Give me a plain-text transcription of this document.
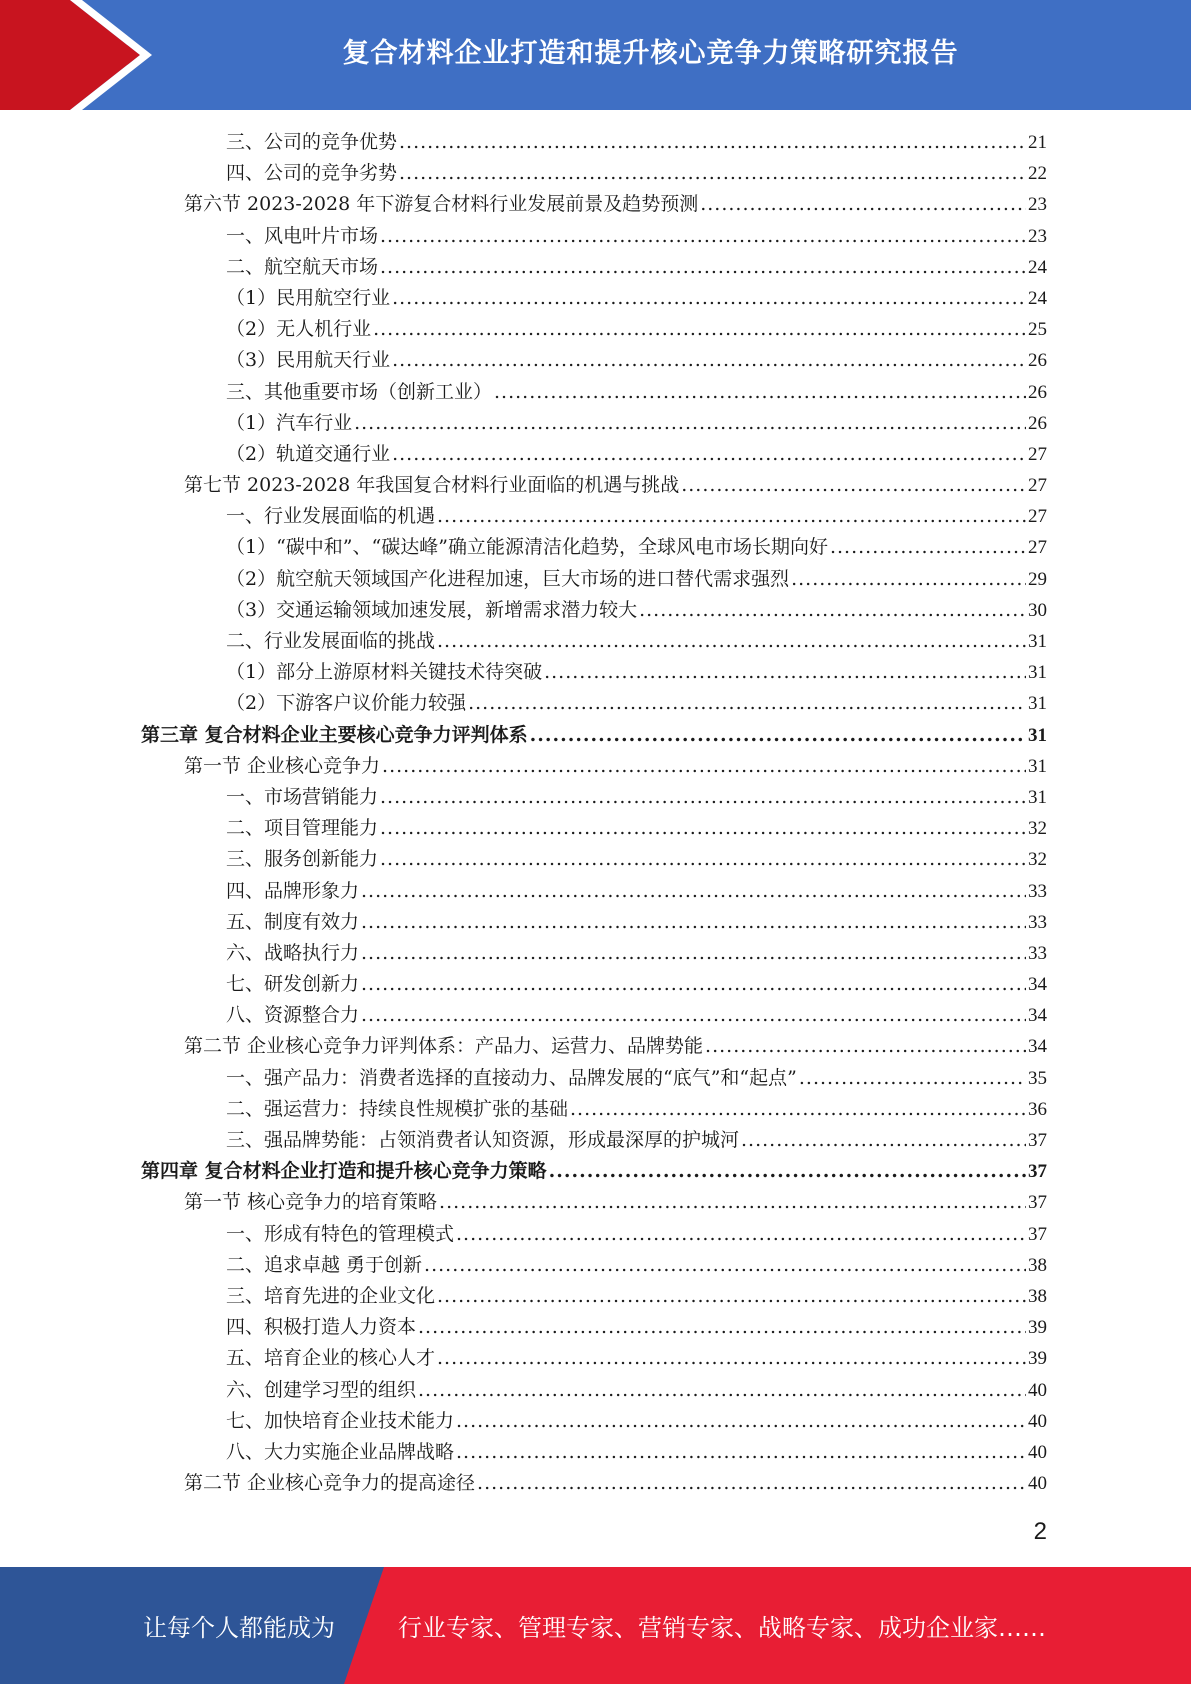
复合材料企业打造和提升核心竞争力策略研究报告
三、公司的竞争优势 .....	21
四、公司的竞争劣势 .....	22
第六节 2023-2028 年下游复合材料行业发展前景及趋势预测 .....	23
一、风电叶片市场 .....	23
二、航空航天市场 .....	24
（1）民用航空行业 .....	24
（2）无人机行业 .....	25
（3）民用航天行业 .....	26
三、其他重要市场（创新工业） .....	26
（1）汽车行业 .....	26
（2）轨道交通行业 .....	27
第七节 2023-2028 年我国复合材料行业面临的机遇与挑战 .....	27
一、行业发展面临的机遇 .....	27
（1）“碳中和”、“碳达峰”确立能源清洁化趋势，全球风电市场长期向好 .....	27
（2）航空航天领域国产化进程加速，巨大市场的进口替代需求强烈 .....	29
（3）交通运输领域加速发展，新增需求潜力较大 .....	30
二、行业发展面临的挑战 .....	31
（1）部分上游原材料关键技术待突破 .....	31
（2）下游客户议价能力较强 .....	31
第三章 复合材料企业主要核心竞争力评判体系 .....	31
第一节 企业核心竞争力 .....	31
一、市场营销能力 .....	31
二、项目管理能力 .....	32
三、服务创新能力 .....	32
四、品牌形象力 .....	33
五、制度有效力 .....	33
六、战略执行力 .....	33
七、研发创新力 .....	34
八、资源整合力 .....	34
第二节 企业核心竞争力评判体系：产品力、运营力、品牌势能 .....	34
一、强产品力：消费者选择的直接动力、品牌发展的“底气”和“起点” .....	35
二、强运营力：持续良性规模扩张的基础 .....	36
三、强品牌势能：占领消费者认知资源，形成最深厚的护城河 .....	37
第四章 复合材料企业打造和提升核心竞争力策略 .....	37
第一节 核心竞争力的培育策略 .....	37
一、形成有特色的管理模式 .....	37
二、追求卓越 勇于创新 .....	38
三、培育先进的企业文化 .....	38
四、积极打造人力资本 .....	39
五、培育企业的核心人才 .....	39
六、创建学习型的组织 .....	40
七、加快培育企业技术能力 .....	40
八、大力实施企业品牌战略 .....	40
第二节 企业核心竞争力的提高途径 .....	40
2
让每个人都能成为	行业专家、管理专家、营销专家、战略专家、成功企业家……
